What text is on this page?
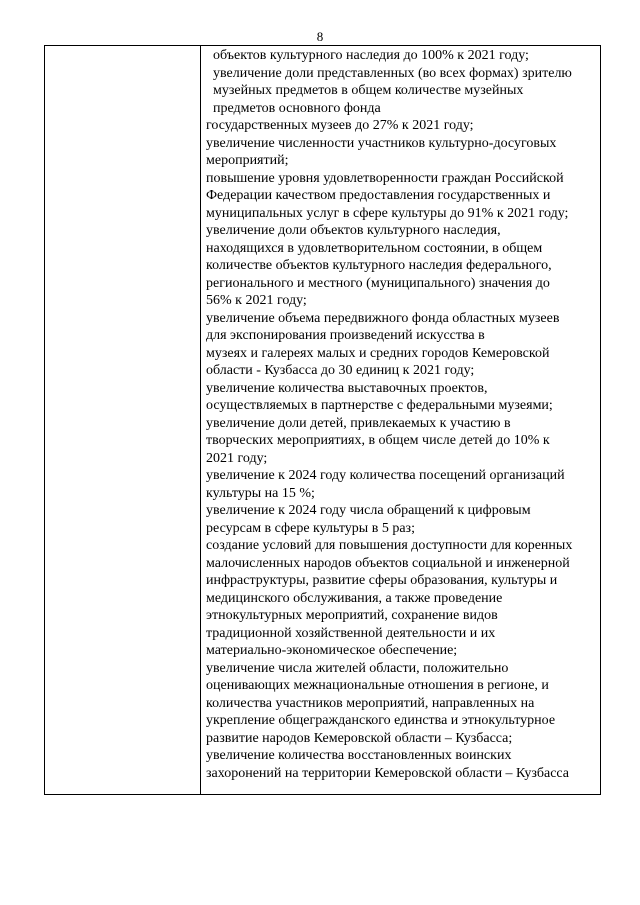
8
объектов культурного наследия до 100% к 2021 году;
увеличение доли представленных (во всех формах) зрителю
музейных предметов в общем количестве музейных
предметов основного фонда
государственных музеев до 27% к 2021 году;
увеличение численности участников культурно-досуговых
мероприятий;
повышение уровня удовлетворенности граждан Российской
Федерации качеством предоставления государственных и
муниципальных услуг в сфере культуры до 91% к 2021 году;
увеличение доли объектов культурного наследия,
находящихся в удовлетворительном состоянии, в общем
количестве объектов культурного наследия федерального,
регионального и местного (муниципального) значения до
56% к 2021 году;
увеличение объема передвижного фонда областных музеев
для экспонирования произведений искусства в
музеях и галереях малых и средних городов Кемеровской
области - Кузбасса до 30 единиц к 2021 году;
увеличение количества выставочных проектов,
осуществляемых в партнерстве с федеральными музеями;
увеличение доли детей, привлекаемых к участию в
творческих мероприятиях, в общем числе детей до 10% к
2021 году;
увеличение к 2024 году количества посещений организаций
культуры на 15 %;
увеличение к 2024 году числа обращений к цифровым
ресурсам в сфере культуры в 5 раз;
создание условий для повышения доступности для коренных
малочисленных народов объектов социальной и инженерной
инфраструктуры, развитие сферы образования, культуры и
медицинского обслуживания, а также проведение
этнокультурных мероприятий, сохранение видов
традиционной хозяйственной деятельности и их
материально-экономическое обеспечение;
увеличение числа жителей области, положительно
оценивающих межнациональные отношения в регионе, и
количества участников мероприятий, направленных на
укрепление общегражданского единства и этнокультурное
развитие народов Кемеровской области – Кузбасса;
увеличение количества восстановленных воинских
захоронений на территории Кемеровской области – Кузбасса
